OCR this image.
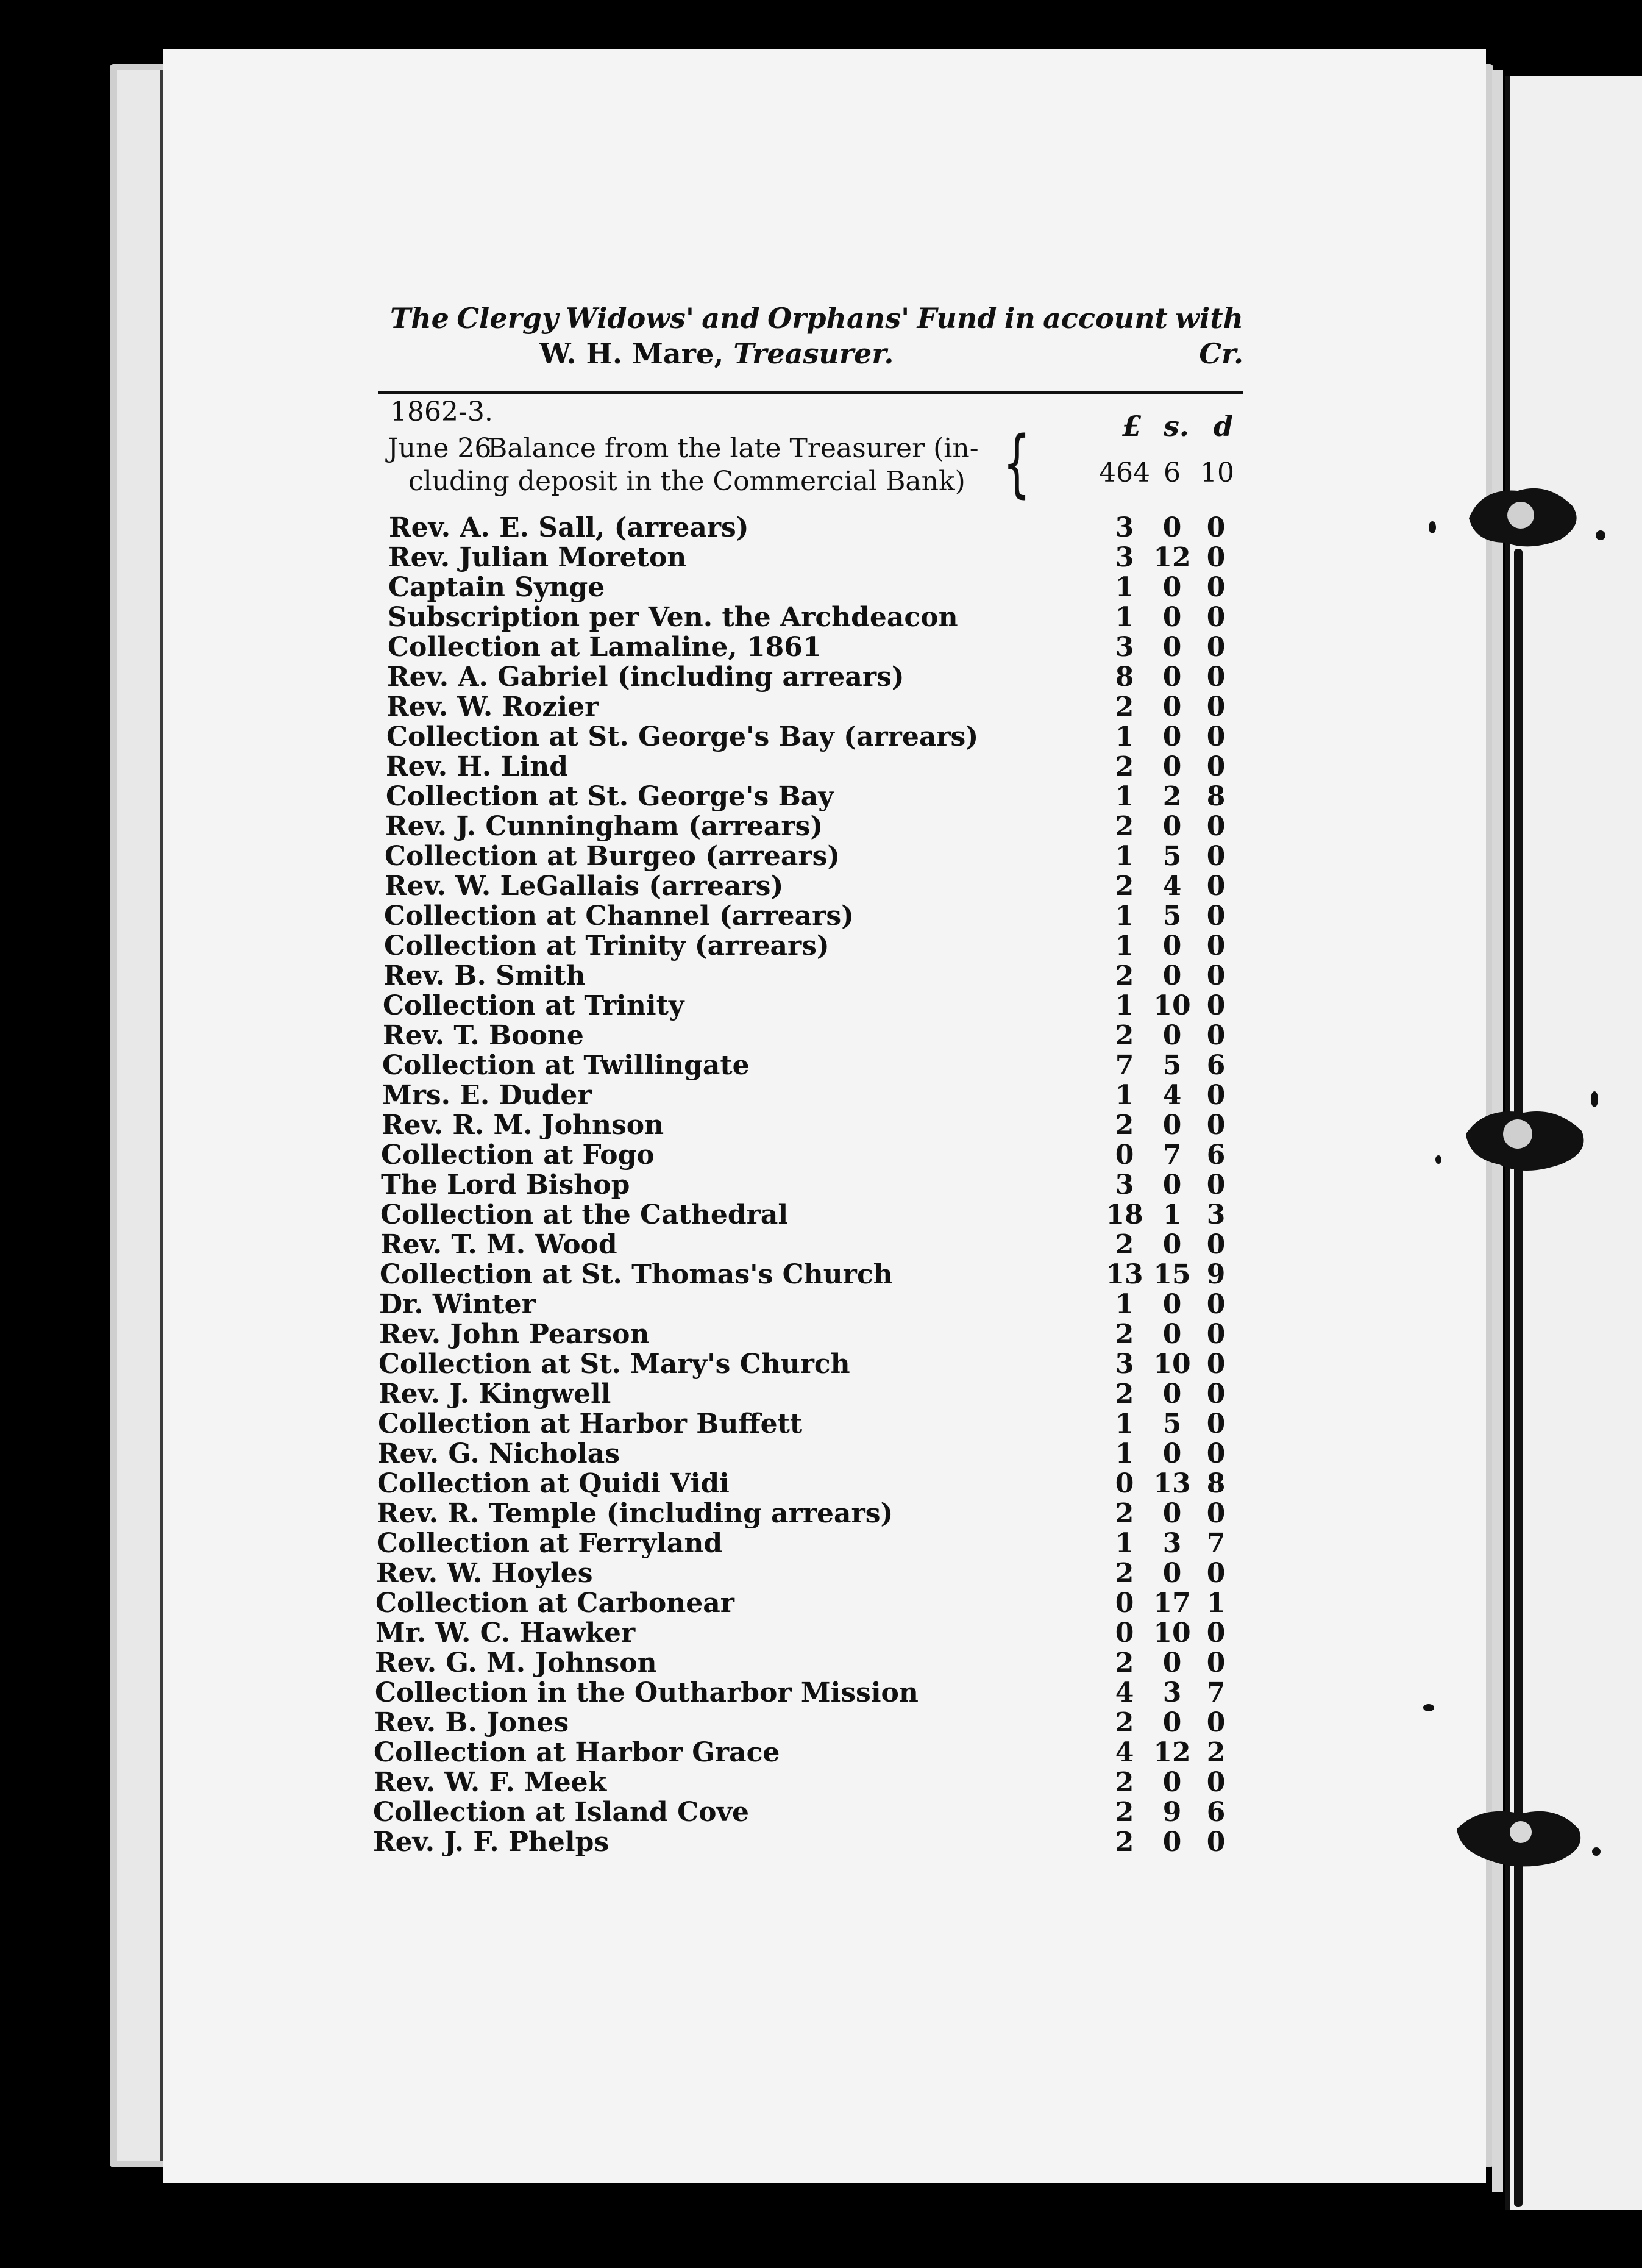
The Clergy Widows' and Orphans' Fund in account with
W. H. Mare, Treasurer.	Cr.
1862-3.	£ s. d
June 26
Balance from the late Treasurer (in-
cluding deposit in the Commercial Bank) {	464 6 10
Rev. A. E. Sall, (arrears)	3	0 0
Rev. Julian Moreton	3 12 0
Captain Synge	1	0 0
Subscription per Ven. the Archdeacon	1	0 0
Collection at Lamaline, 1861	3	0 0
Rev. A. Gabriel (including arrears)	8	0 0
Rev. W. Rozier	2	0 0
Collection at St. George's Bay (arrears)	1	0 0
Rev. H. Lind	2	0 0
Collection at St. George's Bay	1	2 8
Rev. J. Cunningham (arrears)	2	0 0
Collection at Burgeo (arrears)	1	5 0
Rev. W. LeGallais (arrears)	2	4 0
Collection at Channel (arrears)	1	5 0
Collection at Trinity (arrears)	1	0 0
Rev. B. Smith	2	0 0
Collection at Trinity	1 10 0
Rev. T. Boone	2	0 0
Collection at Twillingate	7	5 6
Mrs. E. Duder	1	4 0
Rev. R. M. Johnson	2	0 0
Collection at Fogo	0	7 6
The Lord Bishop	3	0 0
Collection at the Cathedral	18 1 3
Rev. T. M. Wood	2	0 0
Collection at St. Thomas's Church	13 15 9
Dr. Winter	1	0 0
Rev. John Pearson	2	0 0
Collection at St. Mary's Church	3 10 0
Rev. J. Kingwell	2	0 0
Collection at Harbor Buffett	1	5 0
Rev. G. Nicholas	1	0 0
Collection at Quidi Vidi	0 13 8
Rev. R. Temple (including arrears)	2	0 0
Collection at Ferryland	1	3 7
Rev. W. Hoyles	2	0 0
Collection at Carbonear	0 17 1
Mr. W. C. Hawker	0 10 0
Rev. G. M. Johnson	2	0 0
Collection in the Outharbor Mission	4	3 7
Rev. B. Jones	2	0 0
Collection at Harbor Grace	4 12 2
Rev. W. F. Meek	2	0 0
Collection at Island Cove	2	9 6
Rev. J. F. Phelps	2	0 0
